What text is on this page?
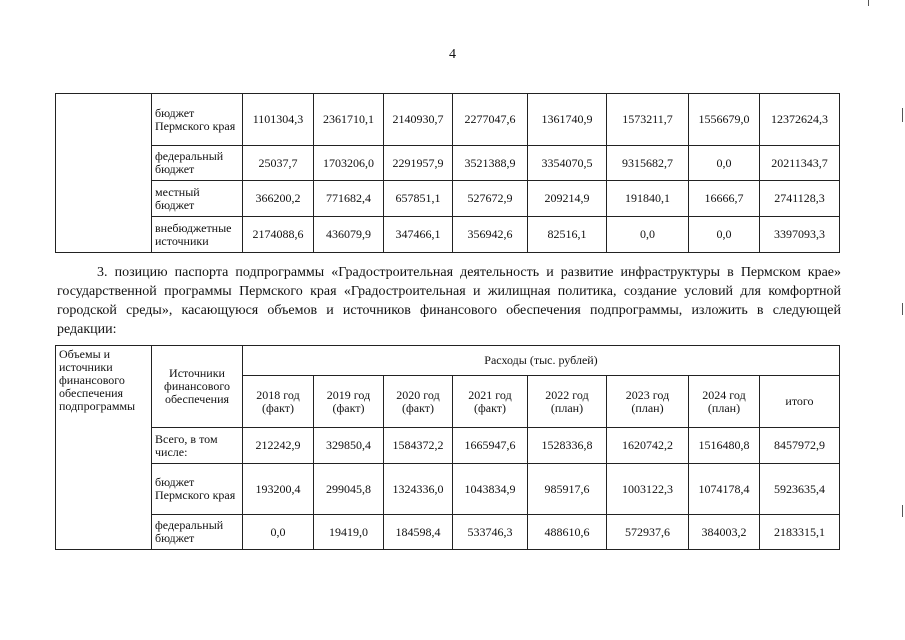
4
	бюджет Пермского края	1101304,3	2361710,1	2140930,7	2277047,6	1361740,9	1573211,7	1556679,0	12372624,3
	федеральный бюджет	25037,7	1703206,0	2291957,9	3521388,9	3354070,5	9315682,7	0,0	20211343,7
	местный бюджет	366200,2	771682,4	657851,1	527672,9	209214,9	191840,1	16666,7	2741128,3
	внебюджетные источники	2174088,6	436079,9	347466,1	356942,6	82516,1	0,0	0,0	3397093,3
3. позицию паспорта подпрограммы «Градостроительная деятельность и развитие инфраструктуры в Пермском крае» государственной программы Пермского края «Градостроительная и жилищная политика, создание условий для комфортной городской среды», касающуюся объемов и источников финансового обеспечения подпрограммы, изложить в следующей редакции:
Объемы и источники финансового обеспечения подпрограммы	Источники финансового обеспечения	Расходы (тыс. рублей)							
		2018 год (факт)	2019 год (факт)	2020 год (факт)	2021 год (факт)	2022 год (план)	2023 год (план)	2024 год (план)	итого
	Всего, в том числе:	212242,9	329850,4	1584372,2	1665947,6	1528336,8	1620742,2	1516480,8	8457972,9
	бюджет Пермского края	193200,4	299045,8	1324336,0	1043834,9	985917,6	1003122,3	1074178,4	5923635,4
	федеральный бюджет	0,0	19419,0	184598,4	533746,3	488610,6	572937,6	384003,2	2183315,1
